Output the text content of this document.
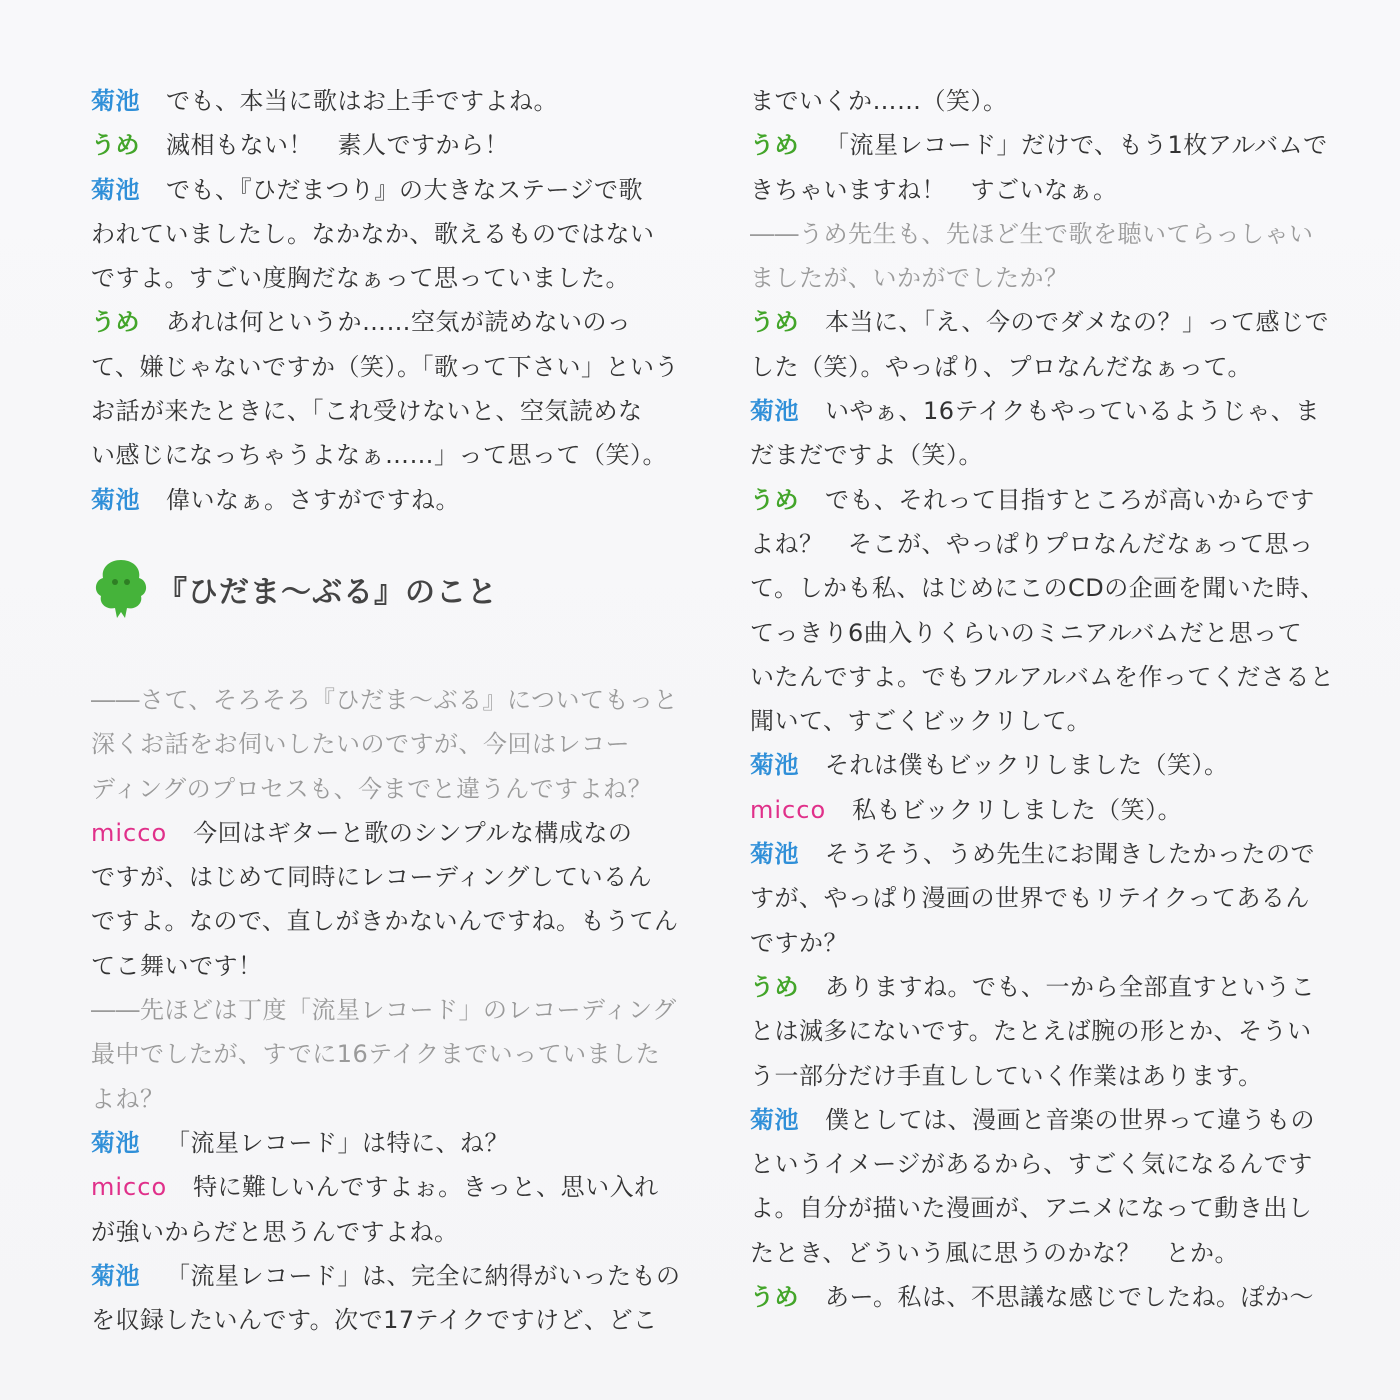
菊池 でも、本当に歌はお上手ですよね。
うめ 滅相もない！　素人ですから！
菊池 でも、『ひだまつり』の大きなステージで歌
われていましたし。なかなか、歌えるものではない
ですよ。すごい度胸だなぁって思っていました。
うめ あれは何というか……空気が読めないのっ
て、嫌じゃないですか（笑）。「歌って下さい」という
お話が来たときに、「これ受けないと、空気読めな
い感じになっちゃうよなぁ……」って思って（笑）。
菊池 偉いなぁ。さすがですね。
『ひだま〜ぶる』のこと
――さて、そろそろ『ひだま〜ぶる』についてもっと
深くお話をお伺いしたいのですが、今回はレコー
ディングのプロセスも、今までと違うんですよね？
micco 今回はギターと歌のシンプルな構成なの
ですが、はじめて同時にレコーディングしているん
ですよ。なので、直しがきかないんですね。もうてん
てこ舞いです！
――先ほどは丁度「流星レコード」のレコーディング
最中でしたが、すでに16テイクまでいっていました
よね？
菊池 「流星レコード」は特に、ね？
micco 特に難しいんですよぉ。きっと、思い入れ
が強いからだと思うんですよね。
菊池 「流星レコード」は、完全に納得がいったもの
を収録したいんです。次で17テイクですけど、どこ
までいくか……（笑）。
うめ 「流星レコード」だけで、もう1枚アルバムで
きちゃいますね！　すごいなぁ。
――うめ先生も、先ほど生で歌を聴いてらっしゃい
ましたが、いかがでしたか？
うめ 本当に、「え、今のでダメなの？」って感じで
した（笑）。やっぱり、プロなんだなぁって。
菊池 いやぁ、16テイクもやっているようじゃ、ま
だまだですよ（笑）。
うめ でも、それって目指すところが高いからです
よね？　そこが、やっぱりプロなんだなぁって思っ
て。しかも私、はじめにこのCDの企画を聞いた時、
てっきり6曲入りくらいのミニアルバムだと思って
いたんですよ。でもフルアルバムを作ってくださると
聞いて、すごくビックリして。
菊池 それは僕もビックリしました（笑）。
micco 私もビックリしました（笑）。
菊池 そうそう、うめ先生にお聞きしたかったので
すが、やっぱり漫画の世界でもリテイクってあるん
ですか？
うめ ありますね。でも、一から全部直すというこ
とは滅多にないです。たとえば腕の形とか、そうい
う一部分だけ手直ししていく作業はあります。
菊池 僕としては、漫画と音楽の世界って違うもの
というイメージがあるから、すごく気になるんです
よ。自分が描いた漫画が、アニメになって動き出し
たとき、どういう風に思うのかな？　とか。
うめ あー。私は、不思議な感じでしたね。ぽか〜
